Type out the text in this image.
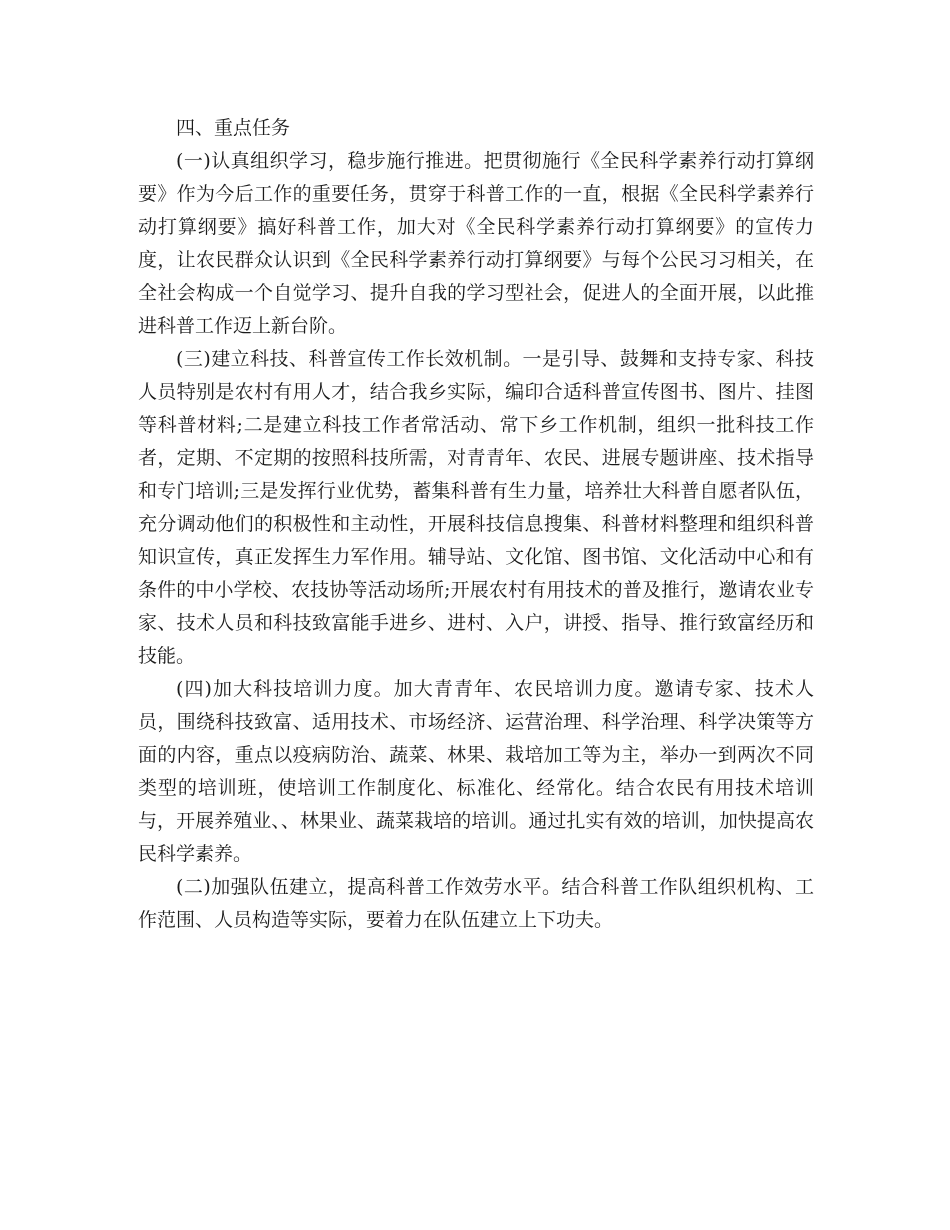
四、重点任务

(一)认真组织学习，稳步施行推进。把贯彻施行《全民科学素养行动打算纲要》作为今后工作的重要任务，贯穿于科普工作的一直，根据《全民科学素养行动打算纲要》搞好科普工作，加大对《全民科学素养行动打算纲要》的宣传力度，让农民群众认识到《全民科学素养行动打算纲要》与每个公民习习相关，在全社会构成一个自觉学习、提升自我的学习型社会，促进人的全面开展，以此推进科普工作迈上新台阶。

(三)建立科技、科普宣传工作长效机制。一是引导、鼓舞和支持专家、科技人员特别是农村有用人才，结合我乡实际，编印合适科普宣传图书、图片、挂图等科普材料;二是建立科技工作者常活动、常下乡工作机制，组织一批科技工作者，定期、不定期的按照科技所需，对青青年、农民、进展专题讲座、技术指导和专门培训;三是发挥行业优势，蓄集科普有生力量，培养壮大科普自愿者队伍，充分调动他们的积极性和主动性，开展科技信息搜集、科普材料整理和组织科普知识宣传，真正发挥生力军作用。辅导站、文化馆、图书馆、文化活动中心和有条件的中小学校、农技协等活动场所;开展农村有用技术的普及推行，邀请农业专家、技术人员和科技致富能手进乡、进村、入户，讲授、指导、推行致富经历和技能。

(四)加大科技培训力度。加大青青年、农民培训力度。邀请专家、技术人员，围绕科技致富、适用技术、市场经济、运营治理、科学治理、科学决策等方面的内容，重点以疫病防治、蔬菜、林果、栽培加工等为主，举办一到两次不同类型的培训班，使培训工作制度化、标准化、经常化。结合农民有用技术培训与，开展养殖业、、林果业、蔬菜栽培的培训。通过扎实有效的培训，加快提高农民科学素养。

(二)加强队伍建立，提高科普工作效劳水平。结合科普工作队组织机构、工作范围、人员构造等实际，要着力在队伍建立上下功夫。
